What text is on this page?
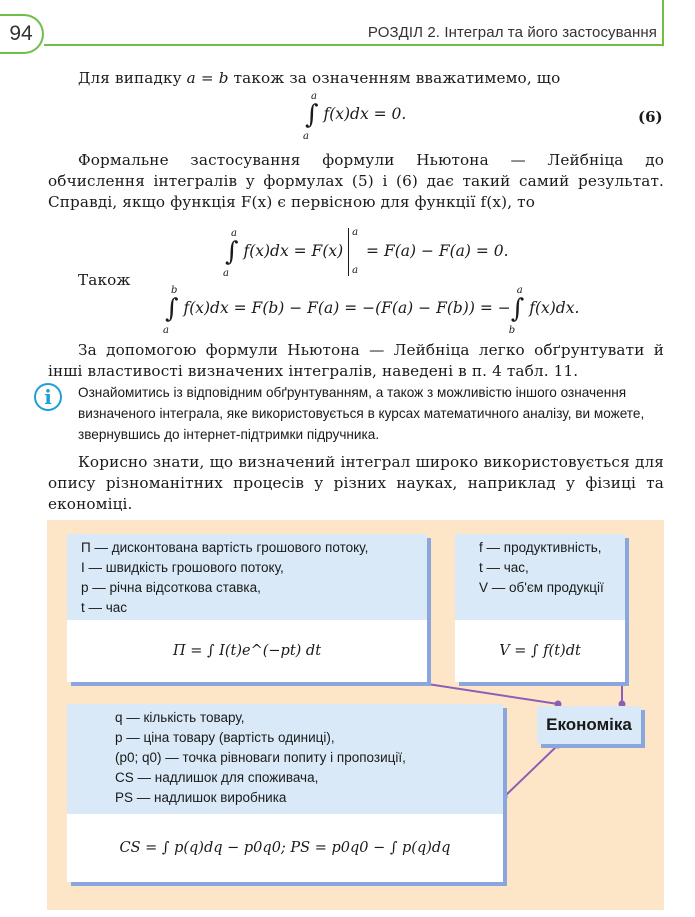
94	РОЗДІЛ 2. Інтеграл та його застосування
Для випадку a = b також за означенням вважатимемо, що
∫
a
a
f(x)dx = 0.	(6)
Формальне застосування формули Ньютона — Лейбніца до обчислення інтегралів у формулах (5) і (6) дає такий самий результат. Справді, якщо функція F(x) є первісною для функції f(x), то
∫
a
a
f(x)dx = F(x)
a
a
= F(a) − F(a) = 0.
Також
∫
b
a
f(x)dx = F(b) − F(a) = −(F(a) − F(b)) = −∫
a
b
f(x)dx.
За допомогою формули Ньютона — Лейбніца легко обґрунтувати й інші властивості визначених інтегралів, наведені в п. 4 табл. 11.
i	Ознайомитись із відповідним обґрунтуванням, а також з можливістю іншого означення визначеного інтеграла, яке використовується в курсах математичного аналізу, ви можете, звернувшись до інтернет-підтримки підручника.
Корисно знати, що визначений інтеграл широко використовується для опису різноманітних процесів у різних науках, наприклад у фізиці та економіці.
Π — дисконтована вартість грошового потоку,
I — швидкість грошового потоку,
p — річна відсоткова ставка,
t — час
Π = ∫ I(t)e^(−pt) dt
f — продуктивність,
t — час,
V — об'єм продукції
V = ∫ f(t)dt
Економіка
q — кількість товару,
p — ціна товару (вартість одиниці),
(p0; q0) — точка рівноваги попиту і пропозиції,
CS — надлишок для споживача,
PS — надлишок виробника
CS = ∫ p(q)dq − p0q0; PS = p0q0 − ∫ p(q)dq
